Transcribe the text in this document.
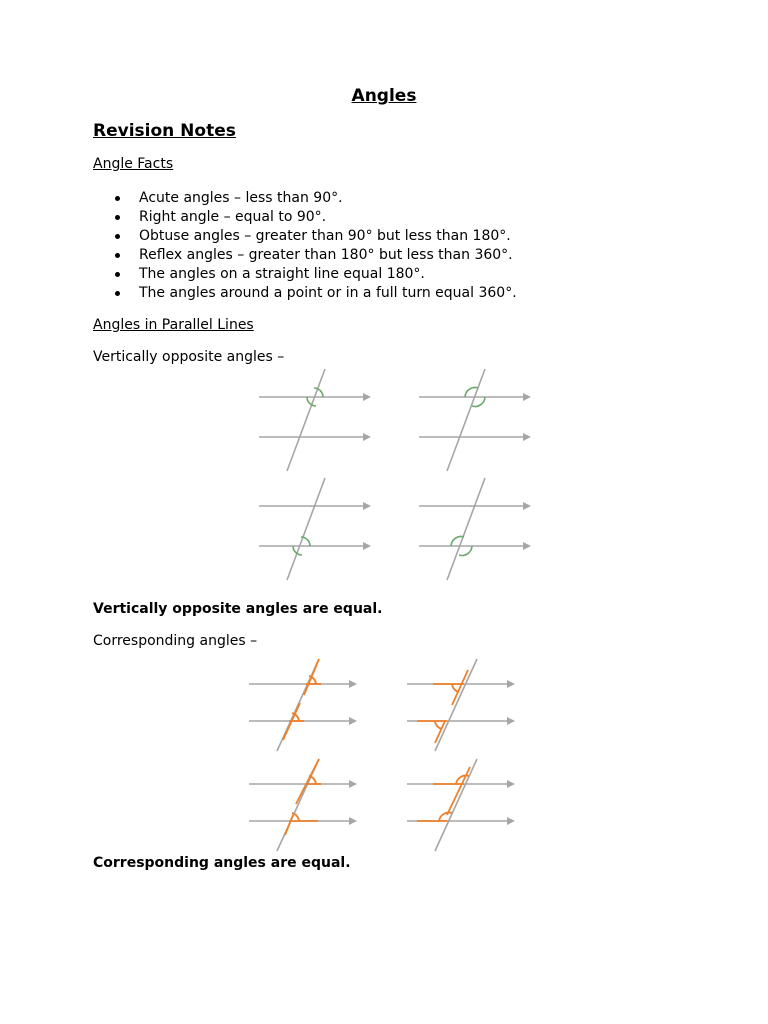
Angles
Revision Notes
Angle Facts
Acute angles – less than 90°.
Right angle – equal to 90°.
Obtuse angles – greater than 90° but less than 180°.
Reflex angles – greater than 180° but less than 360°.
The angles on a straight line equal 180°.
The angles around a point or in a full turn equal 360°.
Angles in Parallel Lines
Vertically opposite angles –
Vertically opposite angles are equal.
Corresponding angles –
Corresponding angles are equal.
